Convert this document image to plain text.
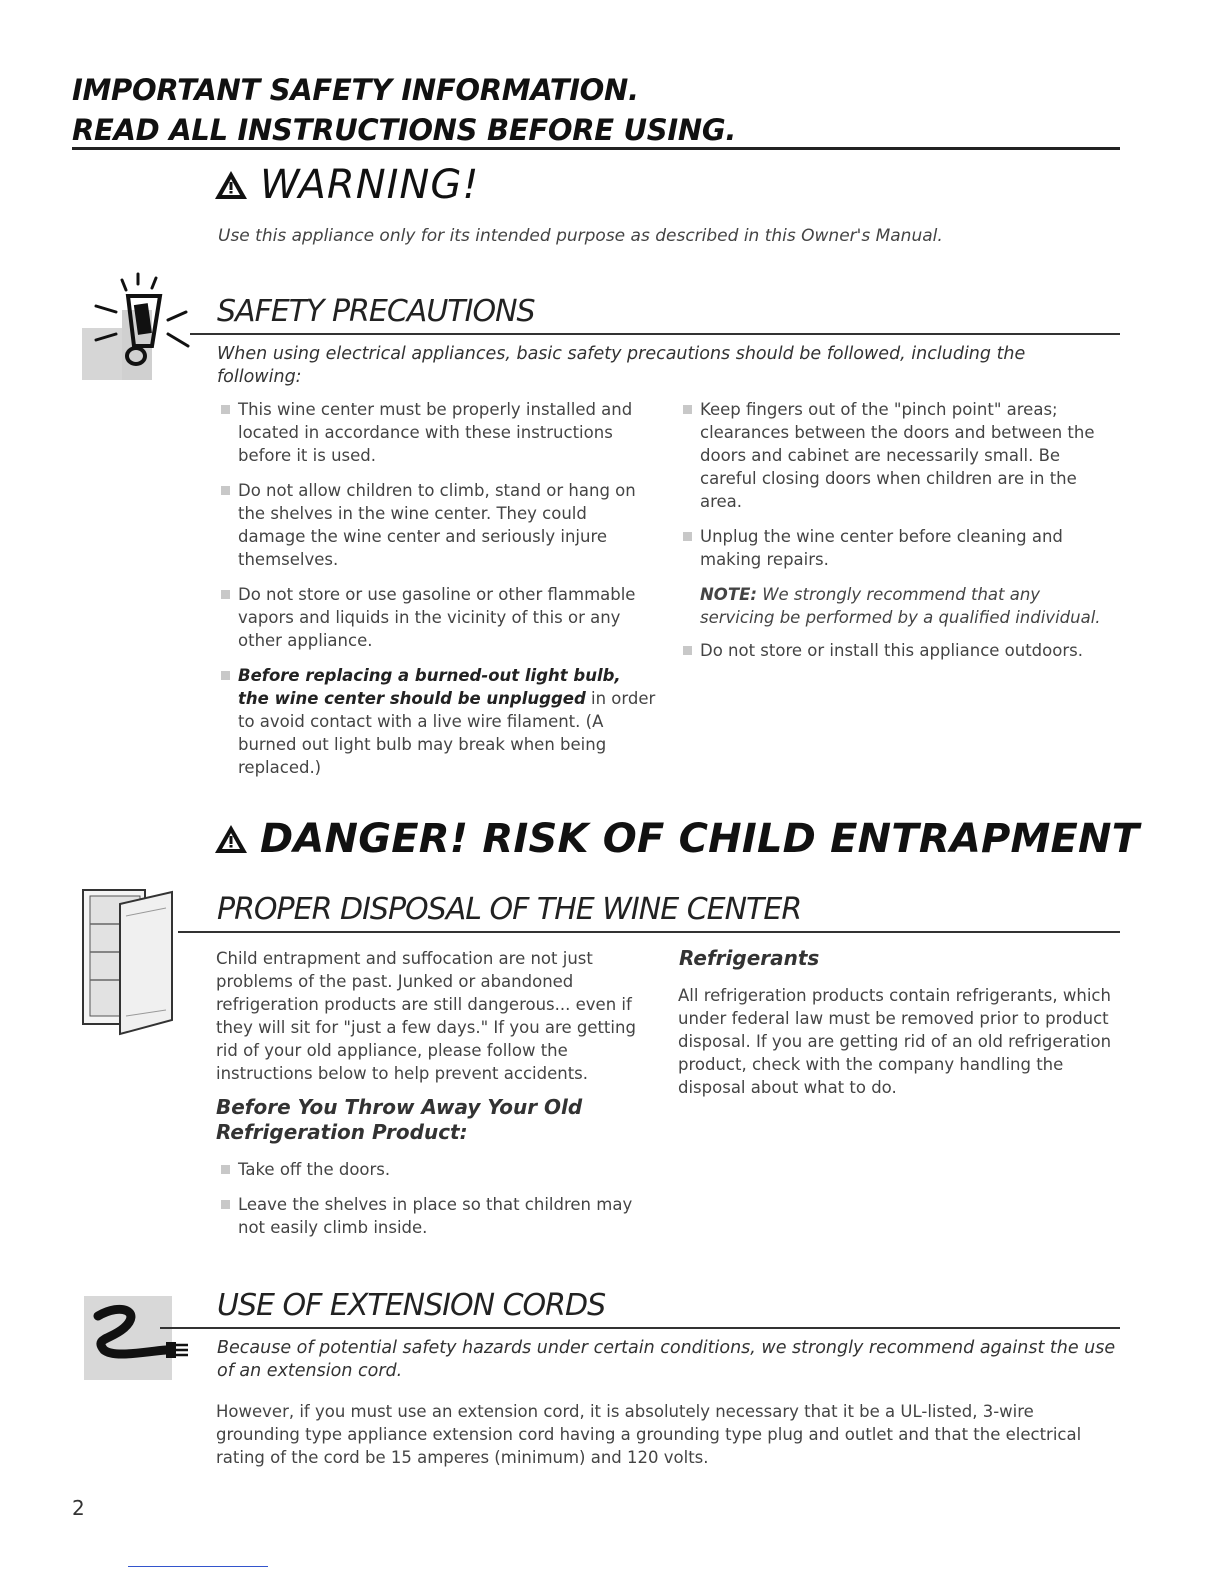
IMPORTANT SAFETY INFORMATION.
READ ALL INSTRUCTIONS BEFORE USING.
WARNING!
Use this appliance only for its intended purpose as described in this Owner's Manual.
SAFETY PRECAUTIONS
When using electrical appliances, basic safety precautions should be followed, including the following:
This wine center must be properly installed and located in accordance with these instructions before it is used.
Do not allow children to climb, stand or hang on the shelves in the wine center. They could damage the wine center and seriously injure themselves.
Do not store or use gasoline or other flammable vapors and liquids in the vicinity of this or any other appliance.
Before replacing a burned-out light bulb, the wine center should be unplugged in order to avoid contact with a live wire filament. (A burned out light bulb may break when being replaced.)
Keep fingers out of the "pinch point" areas; clearances between the doors and between the doors and cabinet are necessarily small. Be careful closing doors when children are in the area.
Unplug the wine center before cleaning and making repairs.
NOTE: We strongly recommend that any servicing be performed by a qualified individual.
Do not store or install this appliance outdoors.
DANGER! RISK OF CHILD ENTRAPMENT
PROPER DISPOSAL OF THE WINE CENTER
Child entrapment and suffocation are not just problems of the past. Junked or abandoned refrigeration products are still dangerous... even if they will sit for "just a few days." If you are getting rid of your old appliance, please follow the instructions below to help prevent accidents.
Before You Throw Away Your Old Refrigeration Product:
Take off the doors.
Leave the shelves in place so that children may not easily climb inside.
Refrigerants
All refrigeration products contain refrigerants, which under federal law must be removed prior to product disposal. If you are getting rid of an old refrigeration product, check with the company handling the disposal about what to do.
USE OF EXTENSION CORDS
Because of potential safety hazards under certain conditions, we strongly recommend against the use of an extension cord.
However, if you must use an extension cord, it is absolutely necessary that it be a UL-listed, 3-wire grounding type appliance extension cord having a grounding type plug and outlet and that the electrical rating of the cord be 15 amperes (minimum) and 120 volts.
2
